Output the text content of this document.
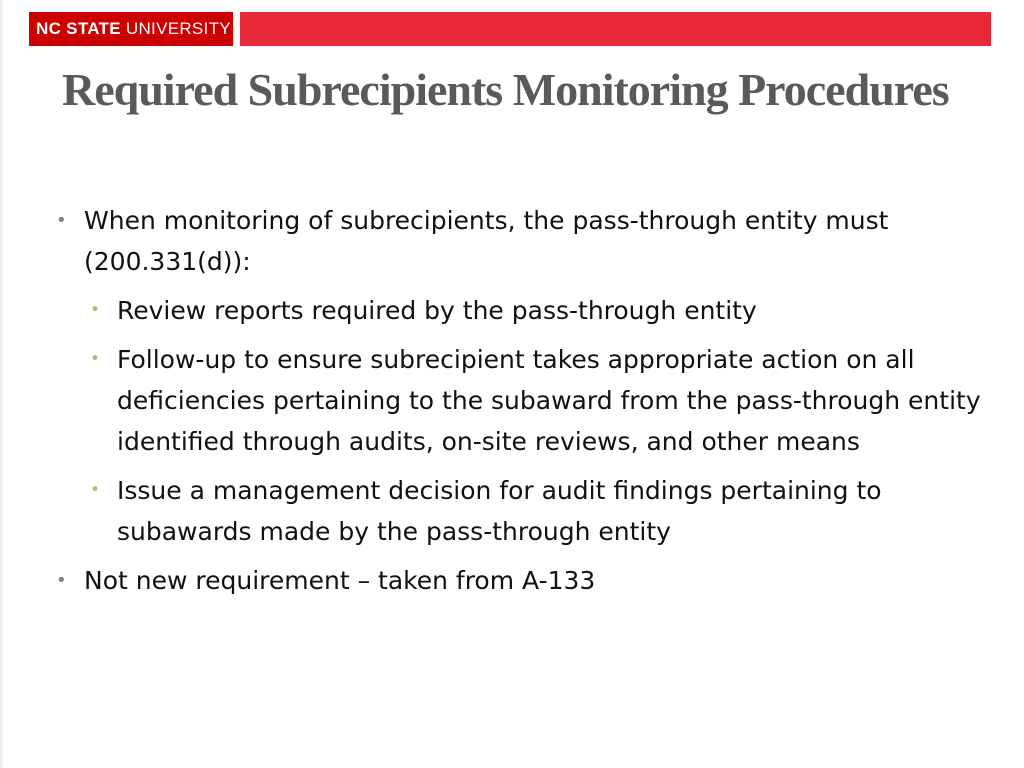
NC STATE UNIVERSITY
Required Subrecipients Monitoring Procedures
• When monitoring of subrecipients, the pass-through entity must (200.331(d)):
• Review reports required by the pass-through entity
• Follow-up to ensure subrecipient takes appropriate action on all deficiencies pertaining to the subaward from the pass-through entity identified through audits, on-site reviews, and other means
• Issue a management decision for audit findings pertaining to subawards made by the pass-through entity
• Not new requirement – taken from A-133
